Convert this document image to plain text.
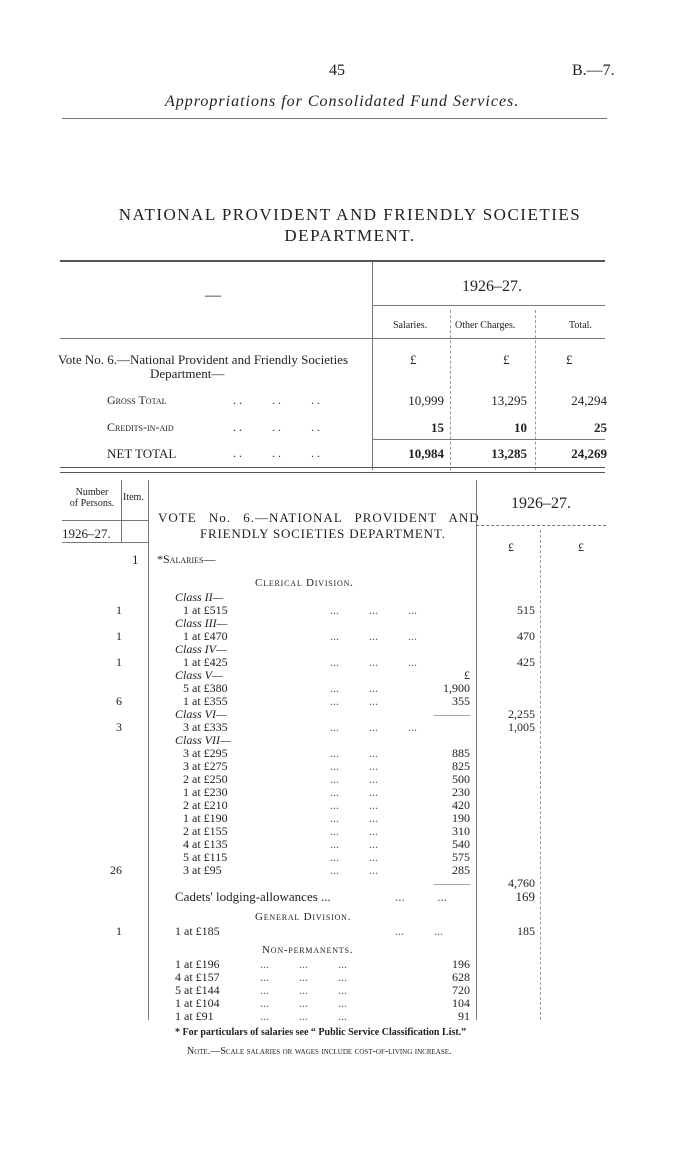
45	B.—7.
Appropriations for Consolidated Fund Services.
NATIONAL PROVIDENT AND FRIENDLY SOCIETIES
DEPARTMENT.
—
1926–27.
Salaries.	Other Charges.	Total.
Vote No. 6.—National Provident and Friendly Societies
Department—
£	£	£
Gross Total	. .          . .          . .	10,999	13,295	24,294
Credits-in-aid	. .          . .          . .	15	10	25
NET TOTAL	. .          . .          . .	10,984	13,285	24,269
Number
of Persons.
Item.
1926–27.
VOTE No. 6.—NATIONAL PROVIDENT AND
FRIENDLY SOCIETIES DEPARTMENT.
1926–27.
£	£
1 *Salaries—
Clerical Division.
Class II—
1	1 at £515	...          ...          ...	515
Class III—
1	1 at £470	...          ...          ...	470
Class IV—
1	1 at £425	...          ...          ...	425
Class V—	£
5 at £380	...          ...	1,900
6	1 at £355	...          ...	355
Class VI—	———	2,255
3	3 at £335	...          ...          ...	1,005
Class VII—
3 at £295	...          ...	885
3 at £275	...          ...	825
2 at £250	...          ...	500
1 at £230	...          ...	230
2 at £210	...          ...	420
1 at £190	...          ...	190
2 at £155	...          ...	310
4 at £135	...          ...	540
5 at £115	...          ...	575
26	3 at £95	...          ...	285
———	4,760
Cadets' lodging-allowances ...	...          ...	169
General Division.
1	1 at £185	...          ...	185
Non-permanents.
1 at £196	...          ...          ...	196
4 at £157	...          ...          ...	628
5 at £144	...          ...          ...	720
1 at £104	...          ...          ...	104
1 at £91	...          ...          ...	91
* For particulars of salaries see “ Public Service Classification List.”
Note.—Scale salaries or wages include cost-of-living increase.
